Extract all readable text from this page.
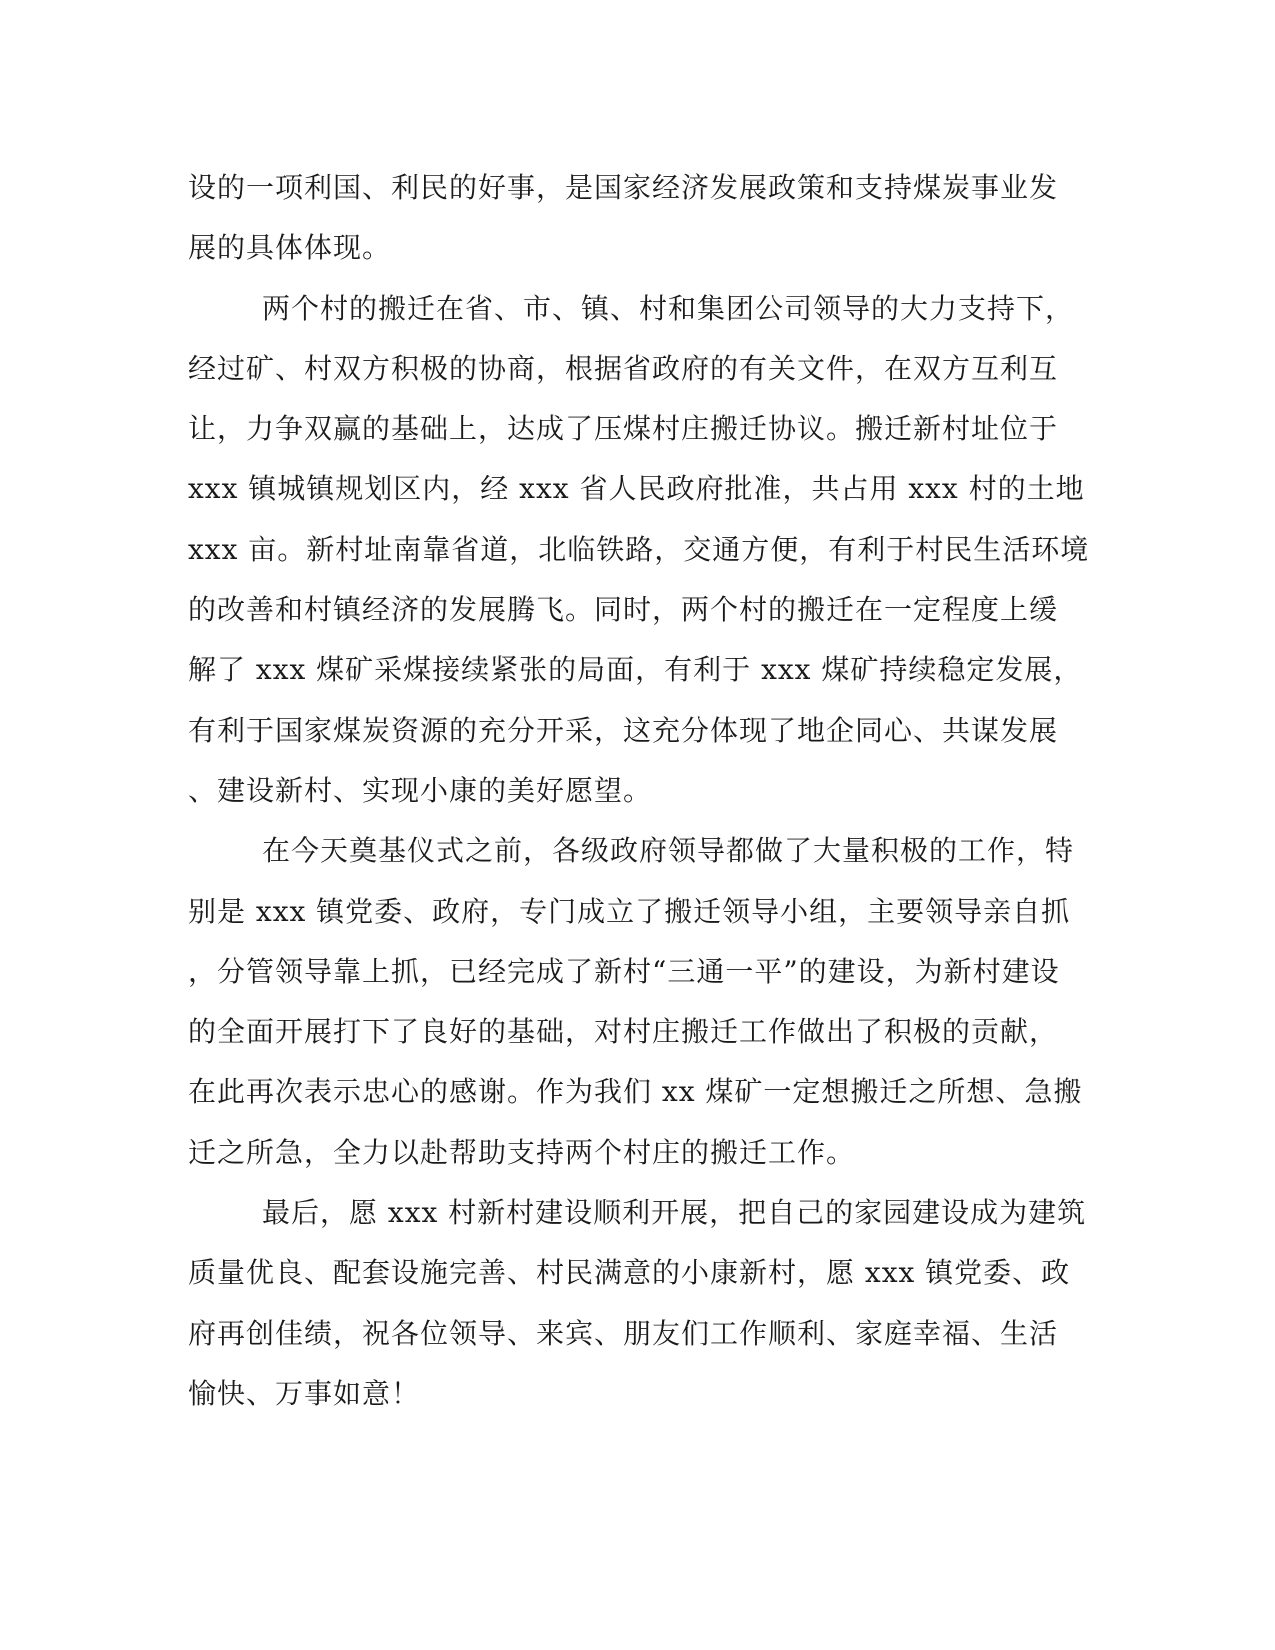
设的一项利国、利民的好事，是国家经济发展政策和支持煤炭事业发
展的具体体现。
两个村的搬迁在省、市、镇、村和集团公司领导的大力支持下，
经过矿、村双方积极的协商，根据省政府的有关文件，在双方互利互
让，力争双赢的基础上，达成了压煤村庄搬迁协议。搬迁新村址位于
xxx 镇城镇规划区内，经 xxx 省人民政府批准，共占用 xxx 村的土地
xxx 亩。新村址南靠省道，北临铁路，交通方便，有利于村民生活环境
的改善和村镇经济的发展腾飞。同时，两个村的搬迁在一定程度上缓
解了 xxx 煤矿采煤接续紧张的局面，有利于 xxx 煤矿持续稳定发展，
有利于国家煤炭资源的充分开采，这充分体现了地企同心、共谋发展
、建设新村、实现小康的美好愿望。
在今天奠基仪式之前，各级政府领导都做了大量积极的工作，特
别是 xxx 镇党委、政府，专门成立了搬迁领导小组，主要领导亲自抓
，分管领导靠上抓，已经完成了新村“三通一平”的建设，为新村建设
的全面开展打下了良好的基础，对村庄搬迁工作做出了积极的贡献，
在此再次表示忠心的感谢。作为我们 xx 煤矿一定想搬迁之所想、急搬
迁之所急，全力以赴帮助支持两个村庄的搬迁工作。
最后，愿 xxx 村新村建设顺利开展，把自己的家园建设成为建筑
质量优良、配套设施完善、村民满意的小康新村，愿 xxx 镇党委、政
府再创佳绩，祝各位领导、来宾、朋友们工作顺利、家庭幸福、生活
愉快、万事如意！
